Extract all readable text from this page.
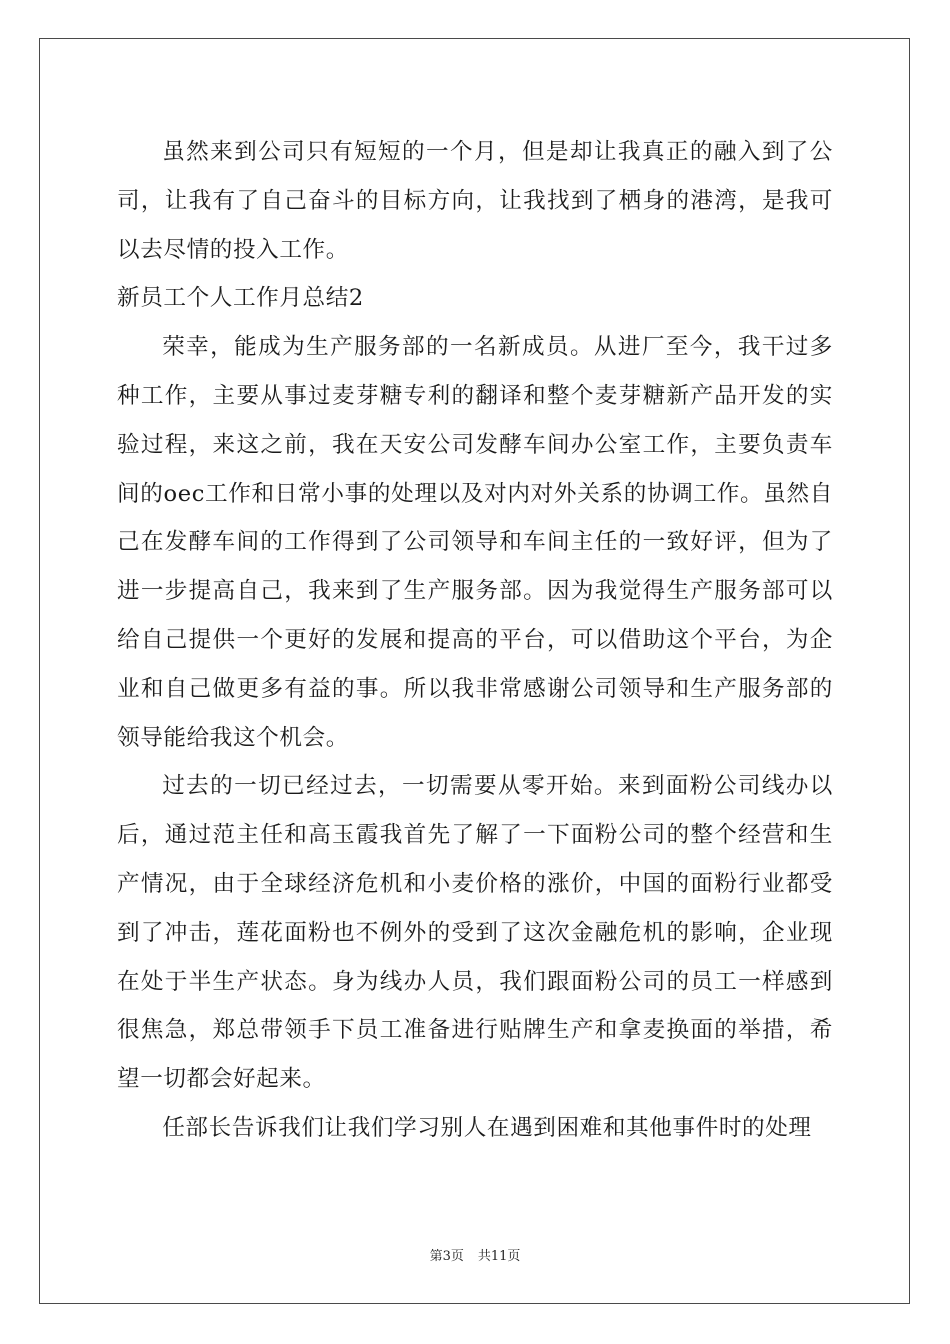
虽然来到公司只有短短的一个月，但是却让我真正的融入到了公司，让我有了自己奋斗的目标方向，让我找到了栖身的港湾，是我可以去尽情的投入工作。

新员工个人工作月总结2

荣幸，能成为生产服务部的一名新成员。从进厂至今，我干过多种工作，主要从事过麦芽糖专利的翻译和整个麦芽糖新产品开发的实验过程，来这之前，我在天安公司发酵车间办公室工作，主要负责车间的oec工作和日常小事的处理以及对内对外关系的协调工作。虽然自己在发酵车间的工作得到了公司领导和车间主任的一致好评，但为了进一步提高自己，我来到了生产服务部。因为我觉得生产服务部可以给自己提供一个更好的发展和提高的平台，可以借助这个平台，为企业和自己做更多有益的事。所以我非常感谢公司领导和生产服务部的领导能给我这个机会。

过去的一切已经过去，一切需要从零开始。来到面粉公司线办以后，通过范主任和高玉霞我首先了解了一下面粉公司的整个经营和生产情况，由于全球经济危机和小麦价格的涨价，中国的面粉行业都受到了冲击，莲花面粉也不例外的受到了这次金融危机的影响，企业现在处于半生产状态。身为线办人员，我们跟面粉公司的员工一样感到很焦急，郑总带领手下员工准备进行贴牌生产和拿麦换面的举措，希望一切都会好起来。

任部长告诉我们让我们学习别人在遇到困难和其他事件时的处理

第3页 共11页
